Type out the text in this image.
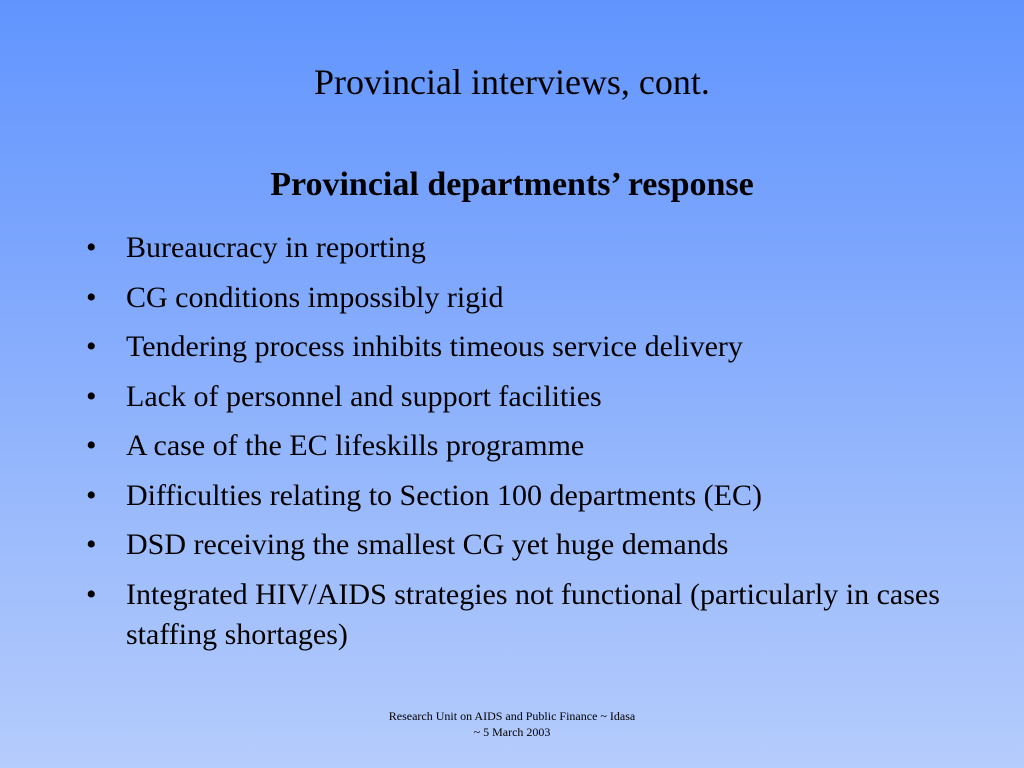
Provincial interviews, cont.
Provincial departments’ response
• Bureaucracy in reporting
• CG conditions impossibly rigid
• Tendering process inhibits timeous service delivery
• Lack of personnel and support facilities
• A case of the EC lifeskills programme
• Difficulties relating to Section 100 departments (EC)
• DSD receiving the smallest CG yet huge demands
• Integrated HIV/AIDS strategies not functional (particularly in cases staffing shortages)
Research Unit on AIDS and Public Finance ~ Idasa
~ 5 March 2003
